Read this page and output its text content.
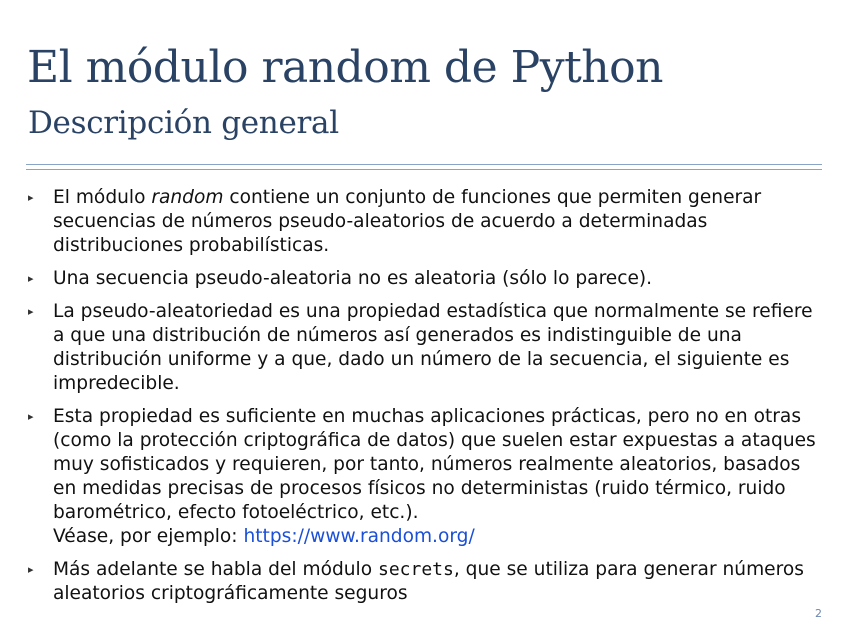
El módulo random de Python
Descripción general
▸ El módulo random contiene un conjunto de funciones que permiten generar secuencias de números pseudo-aleatorios de acuerdo a determinadas distribuciones probabilísticas.
▸ Una secuencia pseudo-aleatoria no es aleatoria (sólo lo parece).
▸ La pseudo-aleatoriedad es una propiedad estadística que normalmente se refiere a que una distribución de números así generados es indistinguible de una distribución uniforme y a que, dado un número de la secuencia, el siguiente es impredecible.
▸ Esta propiedad es suficiente en muchas aplicaciones prácticas, pero no en otras (como la protección criptográfica de datos) que suelen estar expuestas a ataques muy sofisticados y requieren, por tanto, números realmente aleatorios, basados en medidas precisas de procesos físicos no deterministas (ruido térmico, ruido barométrico, efecto fotoeléctrico, etc.).
Véase, por ejemplo: https://www.random.org/
▸ Más adelante se habla del módulo secrets, que se utiliza para generar números aleatorios criptográficamente seguros
2
